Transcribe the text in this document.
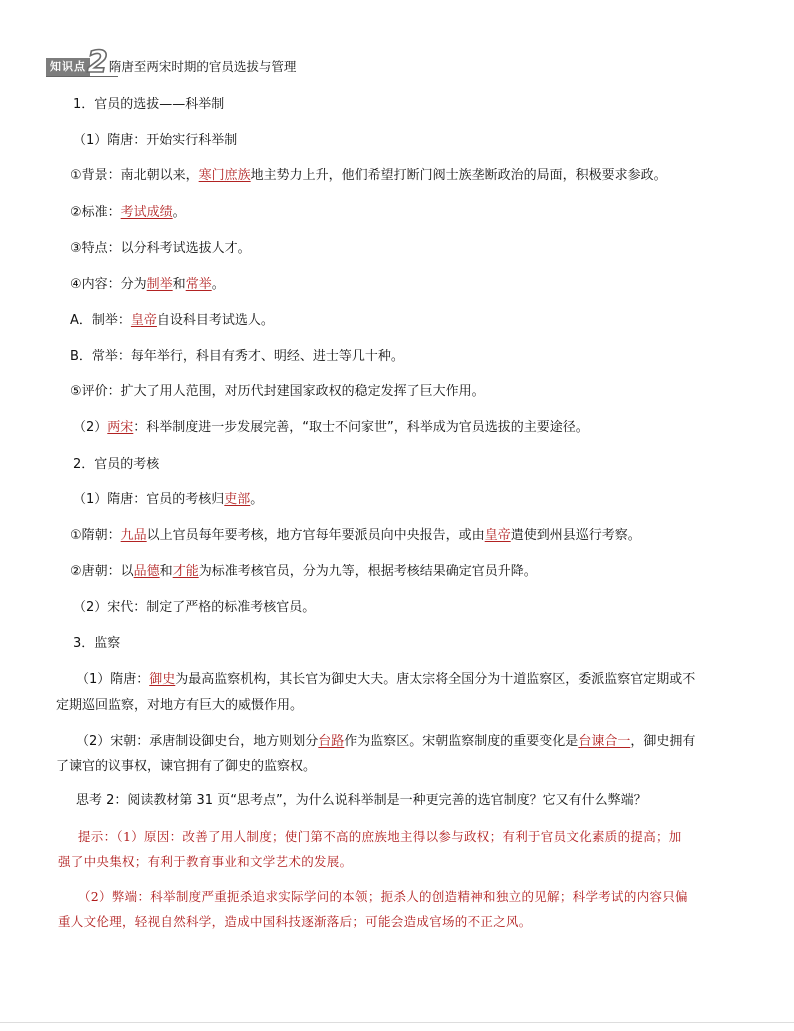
知识点 2 隋唐至两宋时期的官员选拔与管理
1．官员的选拔——科举制
（1）隋唐：开始实行科举制
①背景：南北朝以来，寒门庶族地主势力上升，他们希望打断门阀士族垄断政治的局面，积极要求参政。
②标准：考试成绩。
③特点：以分科考试选拔人才。
④内容：分为制举和常举。
A．制举：皇帝自设科目考试选人。
B．常举：每年举行，科目有秀才、明经、进士等几十种。
⑤评价：扩大了用人范围，对历代封建国家政权的稳定发挥了巨大作用。
（2）两宋：科举制度进一步发展完善，“取士不问家世”，科举成为官员选拔的主要途径。
2．官员的考核
（1）隋唐：官员的考核归吏部。
①隋朝：九品以上官员每年要考核，地方官每年要派员向中央报告，或由皇帝遣使到州县巡行考察。
②唐朝：以品德和才能为标准考核官员，分为九等，根据考核结果确定官员升降。
（2）宋代：制定了严格的标准考核官员。
3．监察
（1）隋唐：御史为最高监察机构，其长官为御史大夫。唐太宗将全国分为十道监察区，委派监察官定期或不
定期巡回监察，对地方有巨大的威慑作用。
（2）宋朝：承唐制设御史台，地方则划分台路作为监察区。宋朝监察制度的重要变化是台谏合一，御史拥有
了谏官的议事权，谏官拥有了御史的监察权。
思考 2：阅读教材第 31 页“思考点”，为什么说科举制是一种更完善的选官制度？它又有什么弊端？
提示：（1）原因：改善了用人制度；使门第不高的庶族地主得以参与政权；有利于官员文化素质的提高；加
强了中央集权；有利于教育事业和文学艺术的发展。
（2）弊端：科举制度严重扼杀追求实际学问的本领；扼杀人的创造精神和独立的见解；科学考试的内容只偏
重人文伦理，轻视自然科学，造成中国科技逐渐落后；可能会造成官场的不正之风。
